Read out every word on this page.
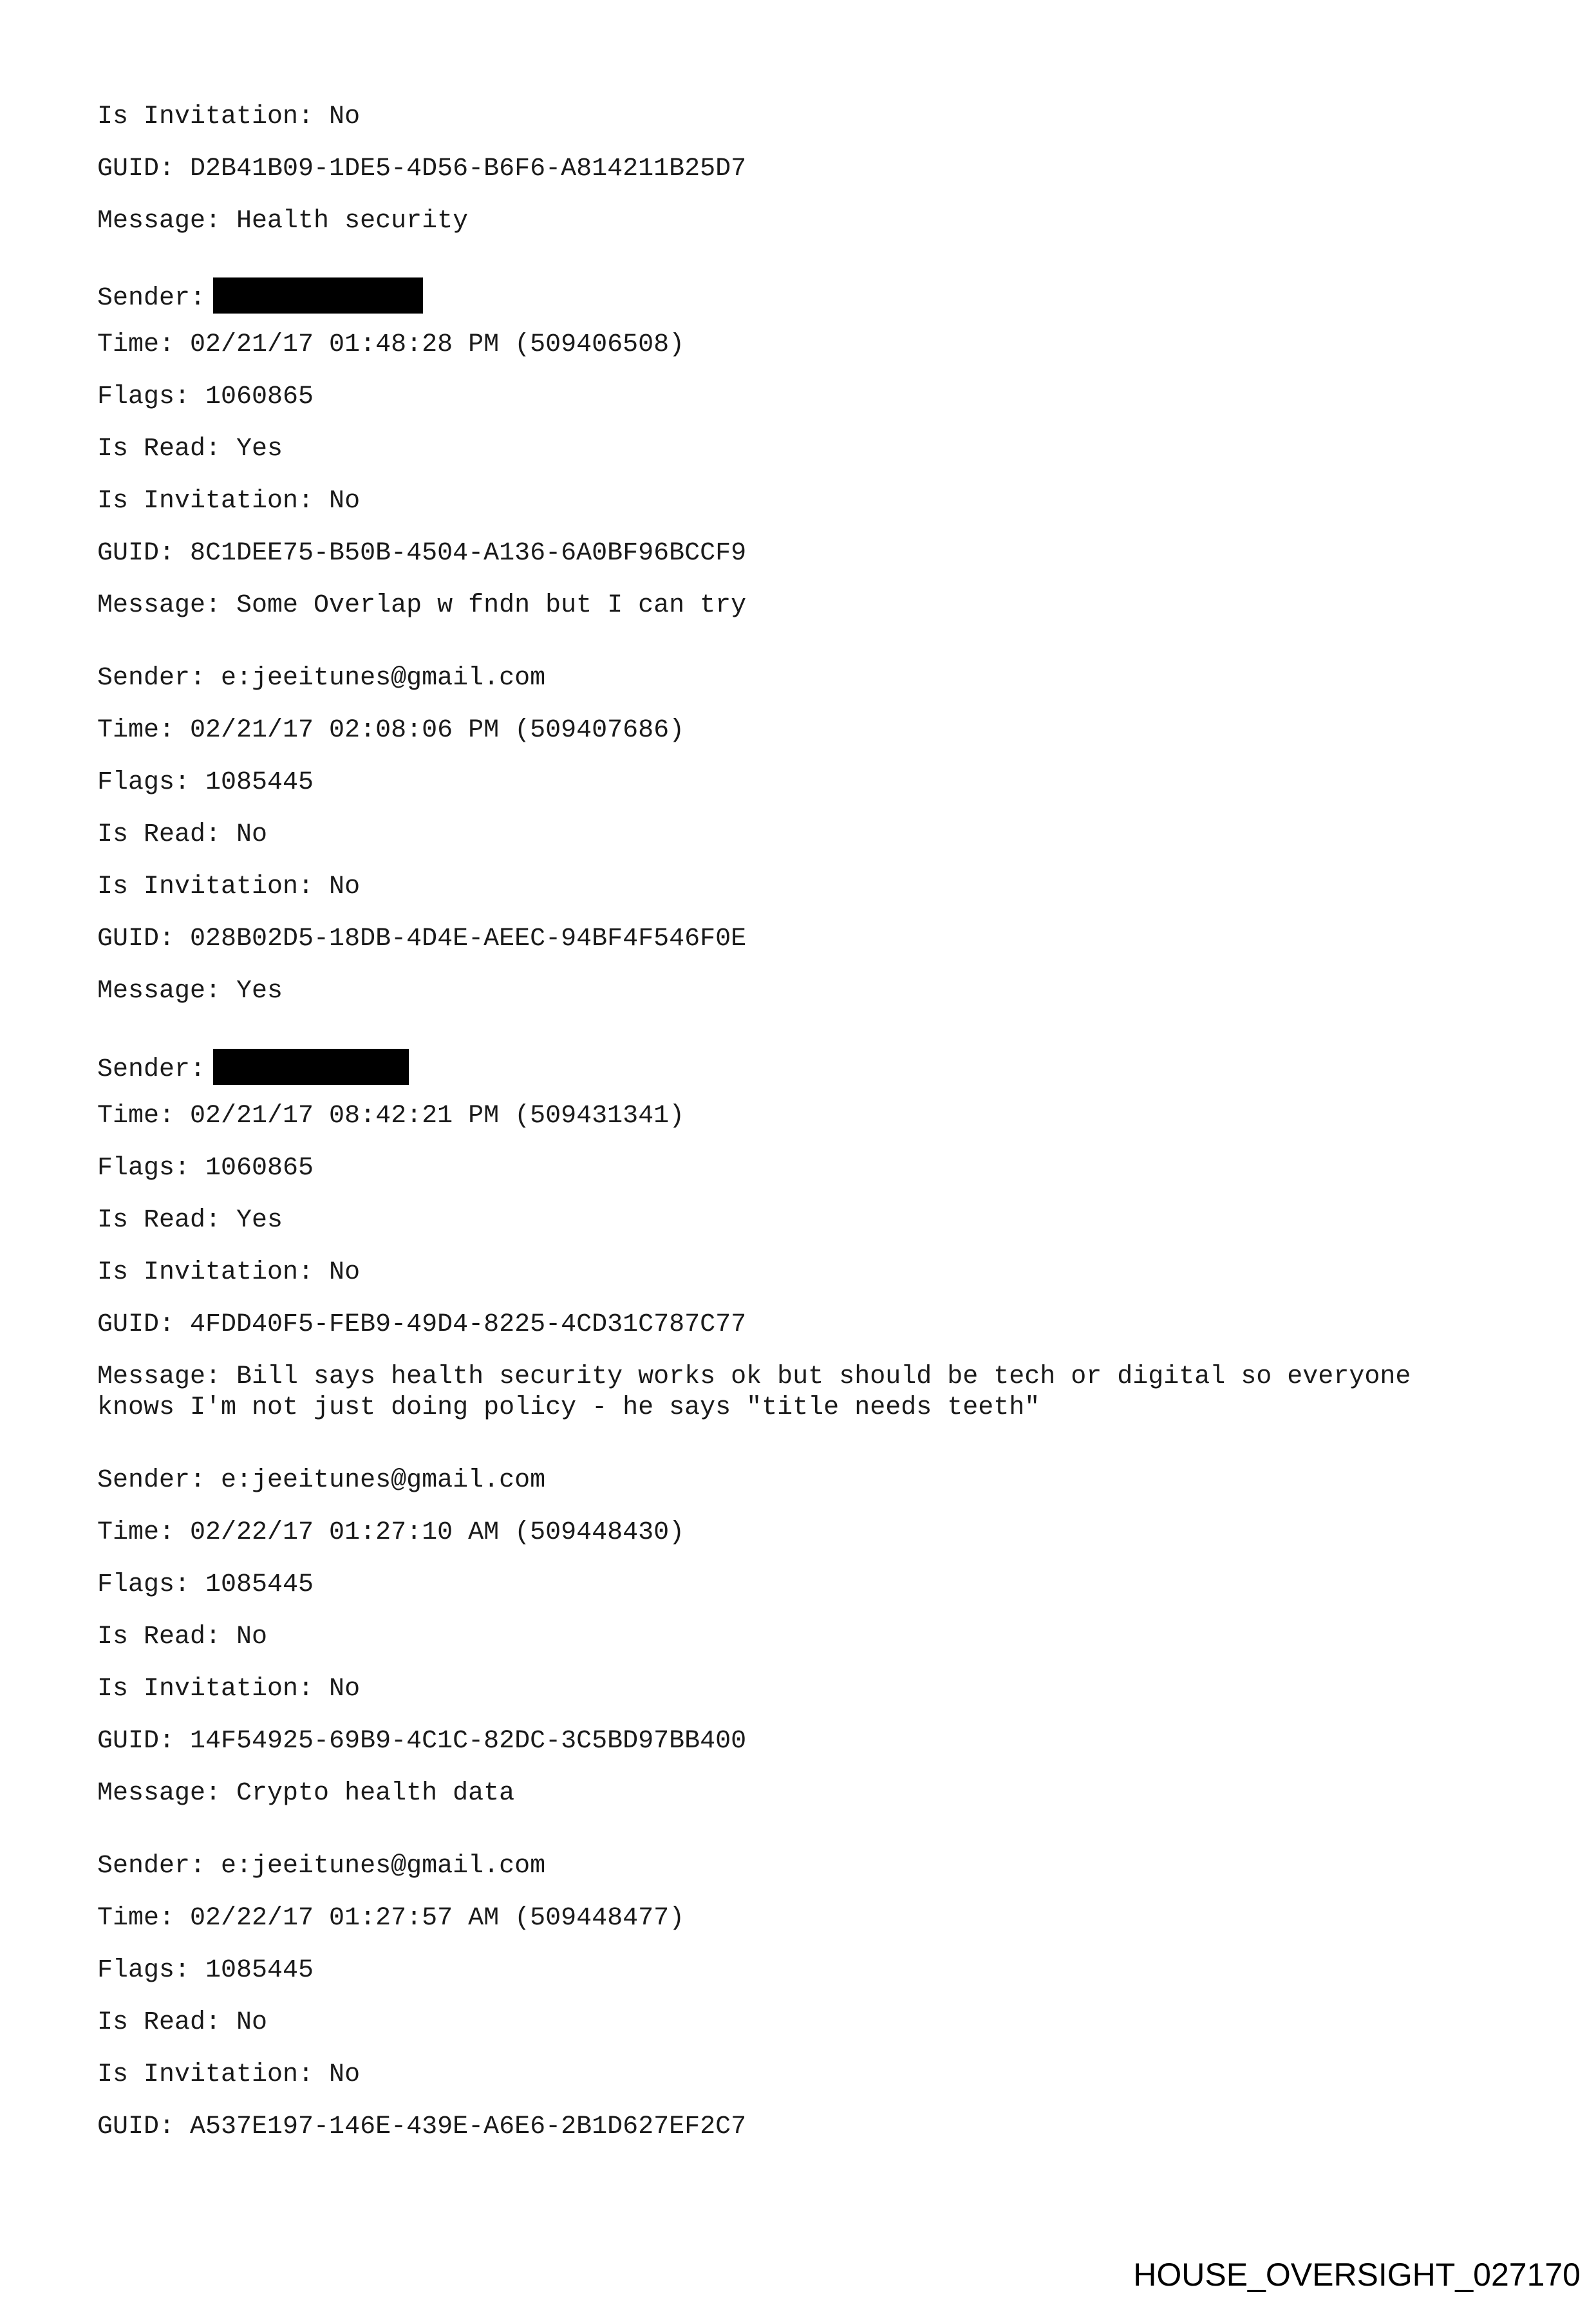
Is Invitation: No
GUID: D2B41B09-1DE5-4D56-B6F6-A814211B25D7
Message: Health security
Sender:
Time: 02/21/17 01:48:28 PM (509406508)
Flags: 1060865
Is Read: Yes
Is Invitation: No
GUID: 8C1DEE75-B50B-4504-A136-6A0BF96BCCF9
Message: Some Overlap w fndn but I can try
Sender: e:jeeitunes@gmail.com
Time: 02/21/17 02:08:06 PM (509407686)
Flags: 1085445
Is Read: No
Is Invitation: No
GUID: 028B02D5-18DB-4D4E-AEEC-94BF4F546F0E
Message: Yes
Sender:
Time: 02/21/17 08:42:21 PM (509431341)
Flags: 1060865
Is Read: Yes
Is Invitation: No
GUID: 4FDD40F5-FEB9-49D4-8225-4CD31C787C77
Message: Bill says health security works ok but should be tech or digital so everyone
knows I'm not just doing policy - he says "title needs teeth"
Sender: e:jeeitunes@gmail.com
Time: 02/22/17 01:27:10 AM (509448430)
Flags: 1085445
Is Read: No
Is Invitation: No
GUID: 14F54925-69B9-4C1C-82DC-3C5BD97BB400
Message: Crypto health data
Sender: e:jeeitunes@gmail.com
Time: 02/22/17 01:27:57 AM (509448477)
Flags: 1085445
Is Read: No
Is Invitation: No
GUID: A537E197-146E-439E-A6E6-2B1D627EF2C7
HOUSE_OVERSIGHT_027170
